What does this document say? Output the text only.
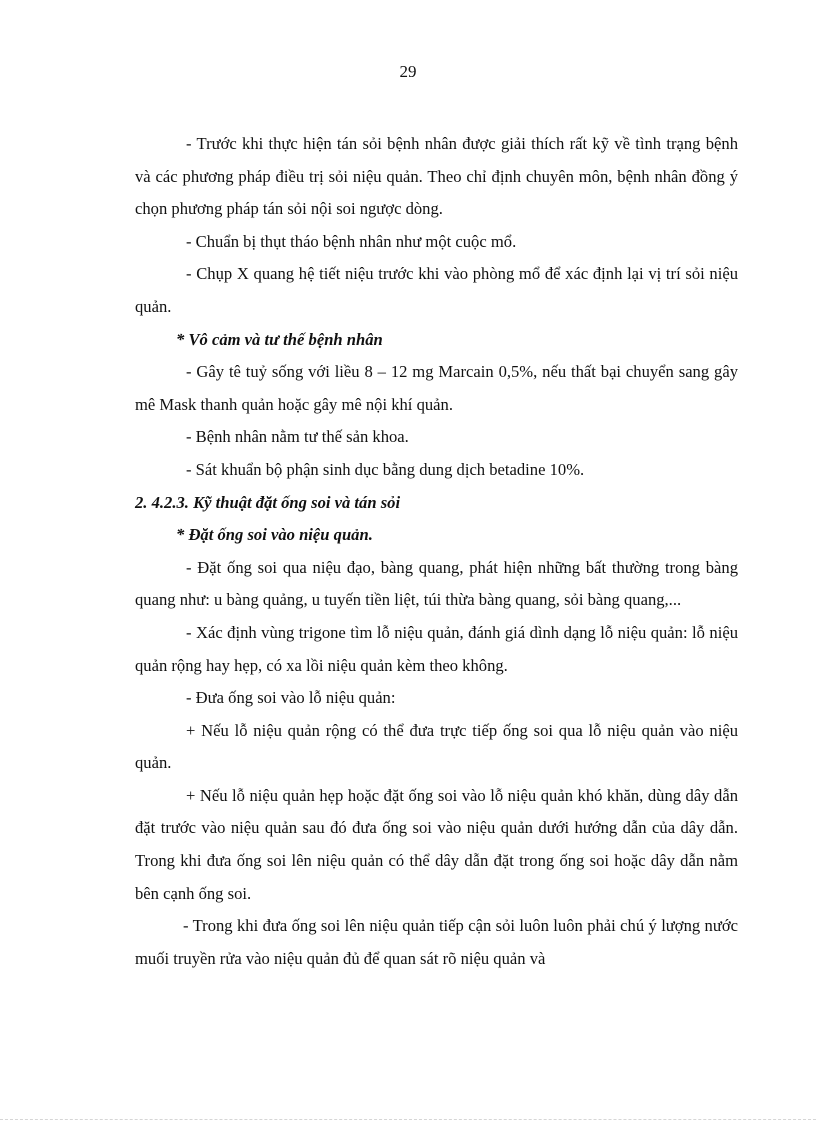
29

- Trước khi thực hiện tán sỏi bệnh nhân được giải thích rất kỹ về tình trạng bệnh và các phương pháp điều trị sỏi niệu quản. Theo chỉ định chuyên môn, bệnh nhân đồng ý chọn phương pháp tán sỏi nội soi ngược dòng.

- Chuẩn bị thụt tháo bệnh nhân như một cuộc mổ.

- Chụp X quang hệ tiết niệu trước khi vào phòng mổ để xác định lại vị trí sỏi niệu quản.

* Vô cảm và tư thế bệnh nhân

- Gây tê tuỷ sống với liều 8 – 12 mg Marcain 0,5%, nếu thất bại chuyển sang gây mê Mask thanh quản hoặc gây mê nội khí quản.

- Bệnh nhân nằm tư thế sản khoa.

- Sát khuẩn bộ phận sinh dục bằng dung dịch betadine 10%.

2. 4.2.3. Kỹ thuật đặt ống soi và tán sỏi

* Đặt ống soi vào niệu quản.

- Đặt ống soi qua niệu đạo, bàng quang, phát hiện những bất thường trong bàng quang như: u bàng quảng, u tuyến tiền liệt, túi thừa bàng quang, sỏi bàng quang,...

- Xác định vùng trigone tìm lỗ niệu quản, đánh giá dình dạng lỗ niệu quản: lỗ niệu quản rộng hay hẹp, có xa lồi niệu quản kèm theo không.

- Đưa ống soi vào lỗ niệu quản:

+ Nếu lỗ niệu quản rộng có thể đưa trực tiếp ống soi qua lỗ niệu quản vào niệu quản.

+ Nếu lỗ niệu quản hẹp hoặc đặt ống soi vào lỗ niệu quản khó khăn, dùng dây dẫn đặt trước vào niệu quản sau đó đưa ống soi vào niệu quản dưới hướng dẫn của dây dẫn. Trong khi đưa ống soi lên niệu quản có thể dây dẫn đặt trong ống soi hoặc dây dẫn nằm bên cạnh ống soi.

- Trong khi đưa ống soi lên niệu quản tiếp cận sỏi luôn luôn phải chú ý lượng nước muối truyền rửa vào niệu quản đủ để quan sát rõ niệu quản và
